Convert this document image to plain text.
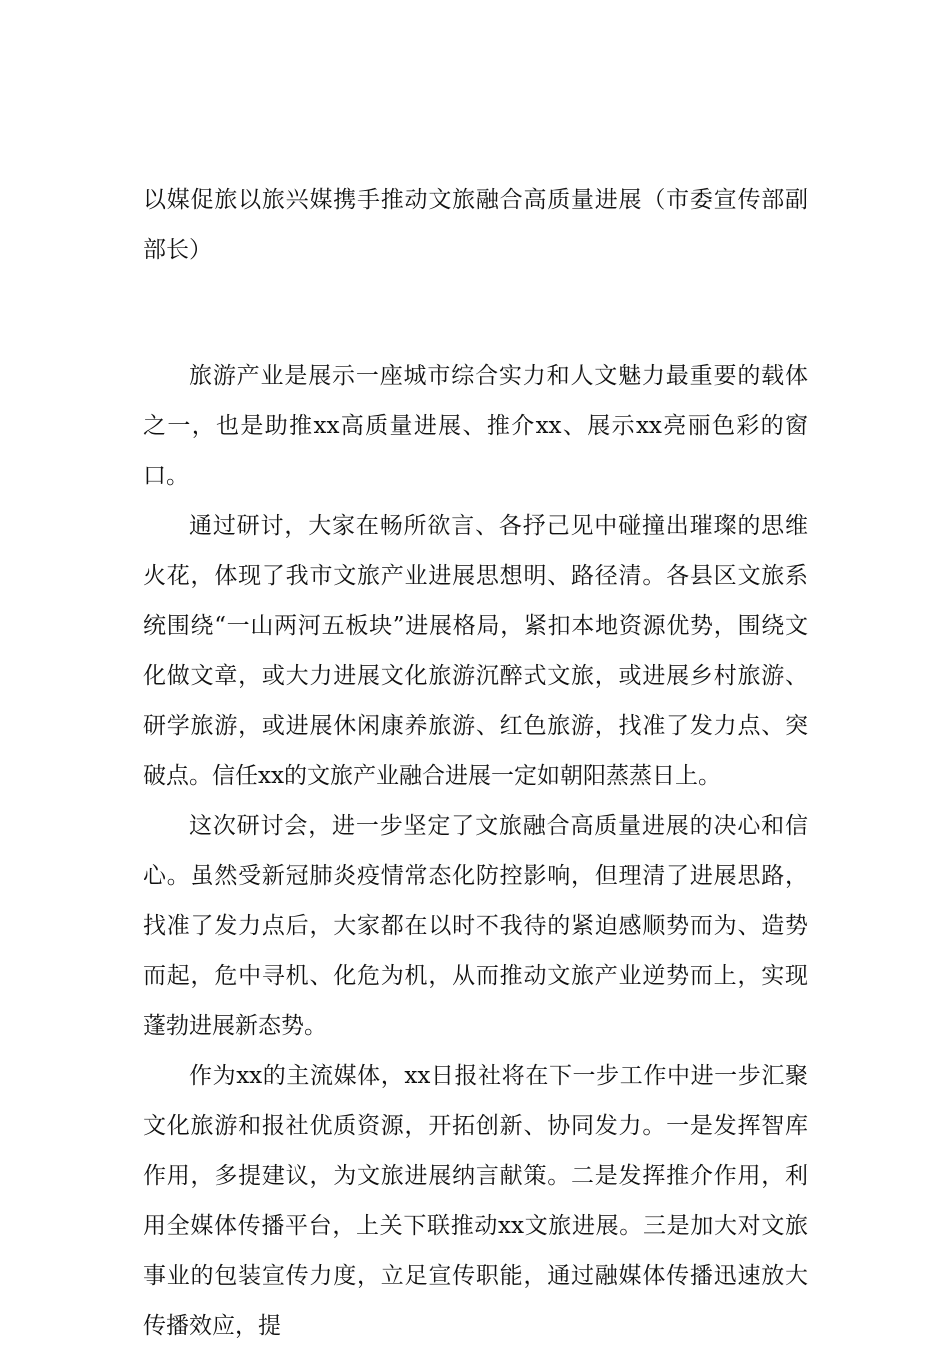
以媒促旅以旅兴媒携手推动文旅融合高质量进展（市委宣传部副部长）

旅游产业是展示一座城市综合实力和人文魅力最重要的载体之一，也是助推xx高质量进展、推介xx、展示xx亮丽色彩的窗口。

通过研讨，大家在畅所欲言、各抒己见中碰撞出璀璨的思维火花，体现了我市文旅产业进展思想明、路径清。各县区文旅系统围绕“一山两河五板块”进展格局，紧扣本地资源优势，围绕文化做文章，或大力进展文化旅游沉醉式文旅，或进展乡村旅游、研学旅游，或进展休闲康养旅游、红色旅游，找准了发力点、突破点。信任xx的文旅产业融合进展一定如朝阳蒸蒸日上。

这次研讨会，进一步坚定了文旅融合高质量进展的决心和信心。虽然受新冠肺炎疫情常态化防控影响，但理清了进展思路，找准了发力点后，大家都在以时不我待的紧迫感顺势而为、造势而起，危中寻机、化危为机，从而推动文旅产业逆势而上，实现蓬勃进展新态势。

作为xx的主流媒体，xx日报社将在下一步工作中进一步汇聚文化旅游和报社优质资源，开拓创新、协同发力。一是发挥智库作用，多提建议，为文旅进展纳言献策。二是发挥推介作用，利用全媒体传播平台，上关下联推动xx文旅进展。三是加大对文旅事业的包装宣传力度，立足宣传职能，通过融媒体传播迅速放大传播效应，提
